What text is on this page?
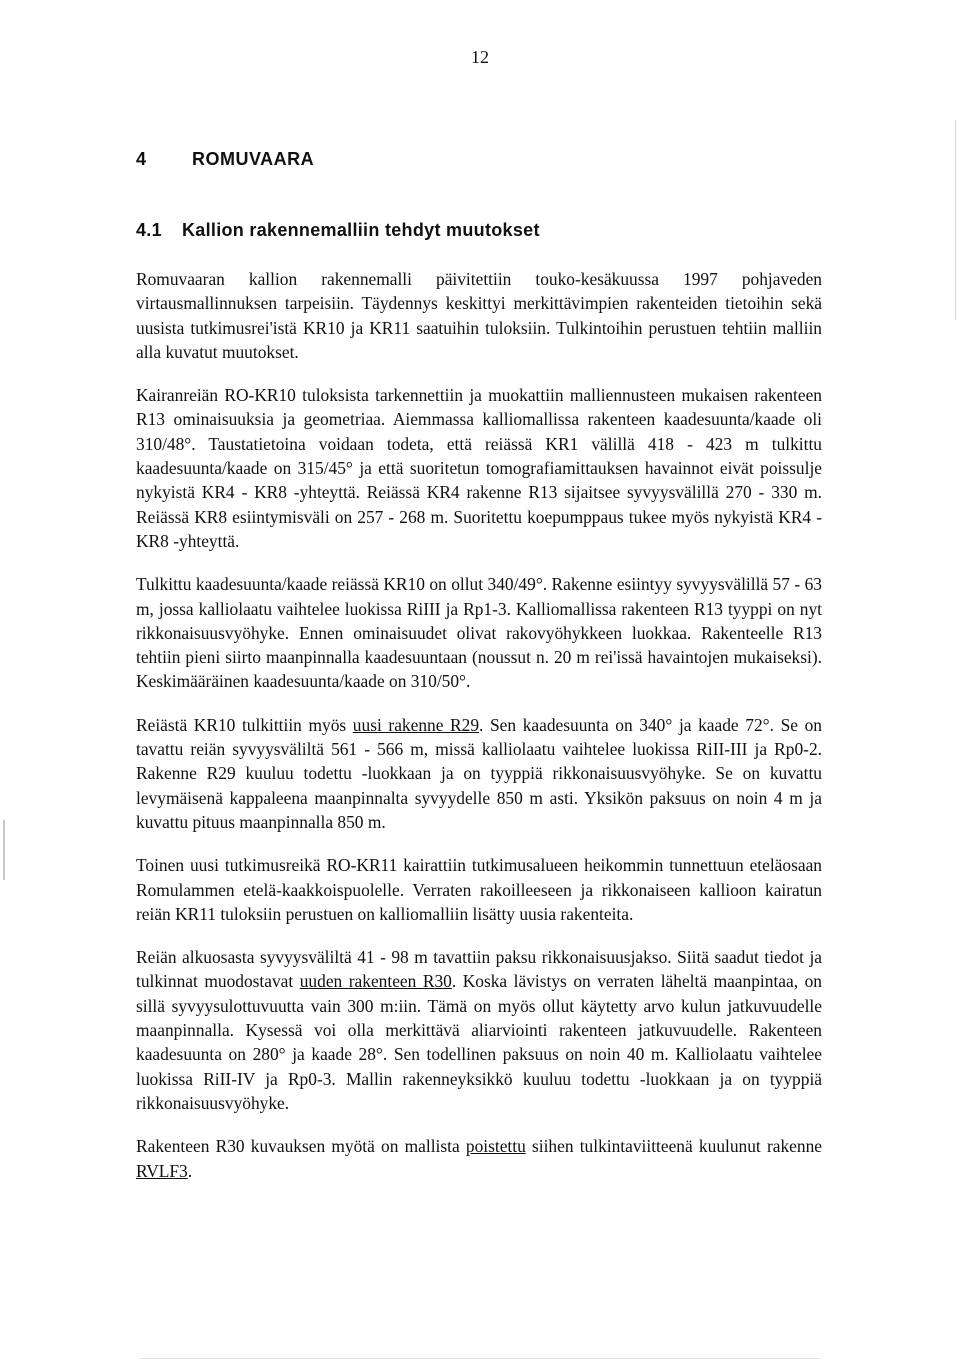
12
4	ROMUVAARA
4.1 Kallion rakennemalliin tehdyt muutokset

Romuvaaran kallion rakennemalli päivitettiin touko-kesäkuussa 1997 pohjaveden virtausmallinnuksen tarpeisiin. Täydennys keskittyi merkittävimpien rakenteiden tietoihin sekä uusista tutkimusrei'istä KR10 ja KR11 saatuihin tuloksiin. Tulkintoihin perustuen tehtiin malliin alla kuvatut muutokset.

Kairanreiän RO-KR10 tuloksista tarkennettiin ja muokattiin malliennusteen mukaisen rakenteen R13 ominaisuuksia ja geometriaa. Aiemmassa kalliomallissa rakenteen kaadesuunta/kaade oli 310/48°. Taustatietoina voidaan todeta, että reiässä KR1 välillä 418 - 423 m tulkittu kaadesuunta/kaade on 315/45° ja että suoritetun tomografiamittauksen havainnot eivät poissulje nykyistä KR4 - KR8 -yhteyttä. Reiässä KR4 rakenne R13 sijaitsee syvyysvälillä 270 - 330 m. Reiässä KR8 esiintymisväli on 257 - 268 m. Suoritettu koepumppaus tukee myös nykyistä KR4 - KR8 -yhteyttä.

Tulkittu kaadesuunta/kaade reiässä KR10 on ollut 340/49°. Rakenne esiintyy syvyysvälillä 57 - 63 m, jossa kalliolaatu vaihtelee luokissa RiIII ja Rp1-3. Kalliomallissa rakenteen R13 tyyppi on nyt rikkonaisuusvyöhyke. Ennen ominaisuudet olivat rakovyöhykkeen luokkaa. Rakenteelle R13 tehtiin pieni siirto maanpinnalla kaadesuuntaan (noussut n. 20 m rei'issä havaintojen mukaiseksi). Keskimääräinen kaadesuunta/kaade on 310/50°.

Reiästä KR10 tulkittiin myös uusi rakenne R29. Sen kaadesuunta on 340° ja kaade 72°. Se on tavattu reiän syvyysväliltä 561 - 566 m, missä kalliolaatu vaihtelee luokissa RiII-III ja Rp0-2. Rakenne R29 kuuluu todettu -luokkaan ja on tyyppiä rikkonaisuusvyöhyke. Se on kuvattu levymäisenä kappaleena maanpinnalta syvyydelle 850 m asti. Yksikön paksuus on noin 4 m ja kuvattu pituus maanpinnalla 850 m.

Toinen uusi tutkimusreikä RO-KR11 kairattiin tutkimusalueen heikommin tunnettuun eteläosaan Romulammen etelä-kaakkoispuolelle. Verraten rakoilleeseen ja rikkonaiseen kallioon kairatun reiän KR11 tuloksiin perustuen on kalliomalliin lisätty uusia rakenteita.

Reiän alkuosasta syvyysväliltä 41 - 98 m tavattiin paksu rikkonaisuusjakso. Siitä saadut tiedot ja tulkinnat muodostavat uuden rakenteen R30. Koska lävistys on verraten läheltä maanpintaa, on sillä syvyysulottuvuutta vain 300 m:iin. Tämä on myös ollut käytetty arvo kulun jatkuvuudelle maanpinnalla. Kysessä voi olla merkittävä aliarviointi rakenteen jatkuvuudelle. Rakenteen kaadesuunta on 280° ja kaade 28°. Sen todellinen paksuus on noin 40 m. Kalliolaatu vaihtelee luokissa RiII-IV ja Rp0-3. Mallin rakenneyksikkö kuuluu todettu -luokkaan ja on tyyppiä rikkonaisuusvyöhyke.

Rakenteen R30 kuvauksen myötä on mallista poistettu siihen tulkintaviitteenä kuulunut rakenne RVLF3.
